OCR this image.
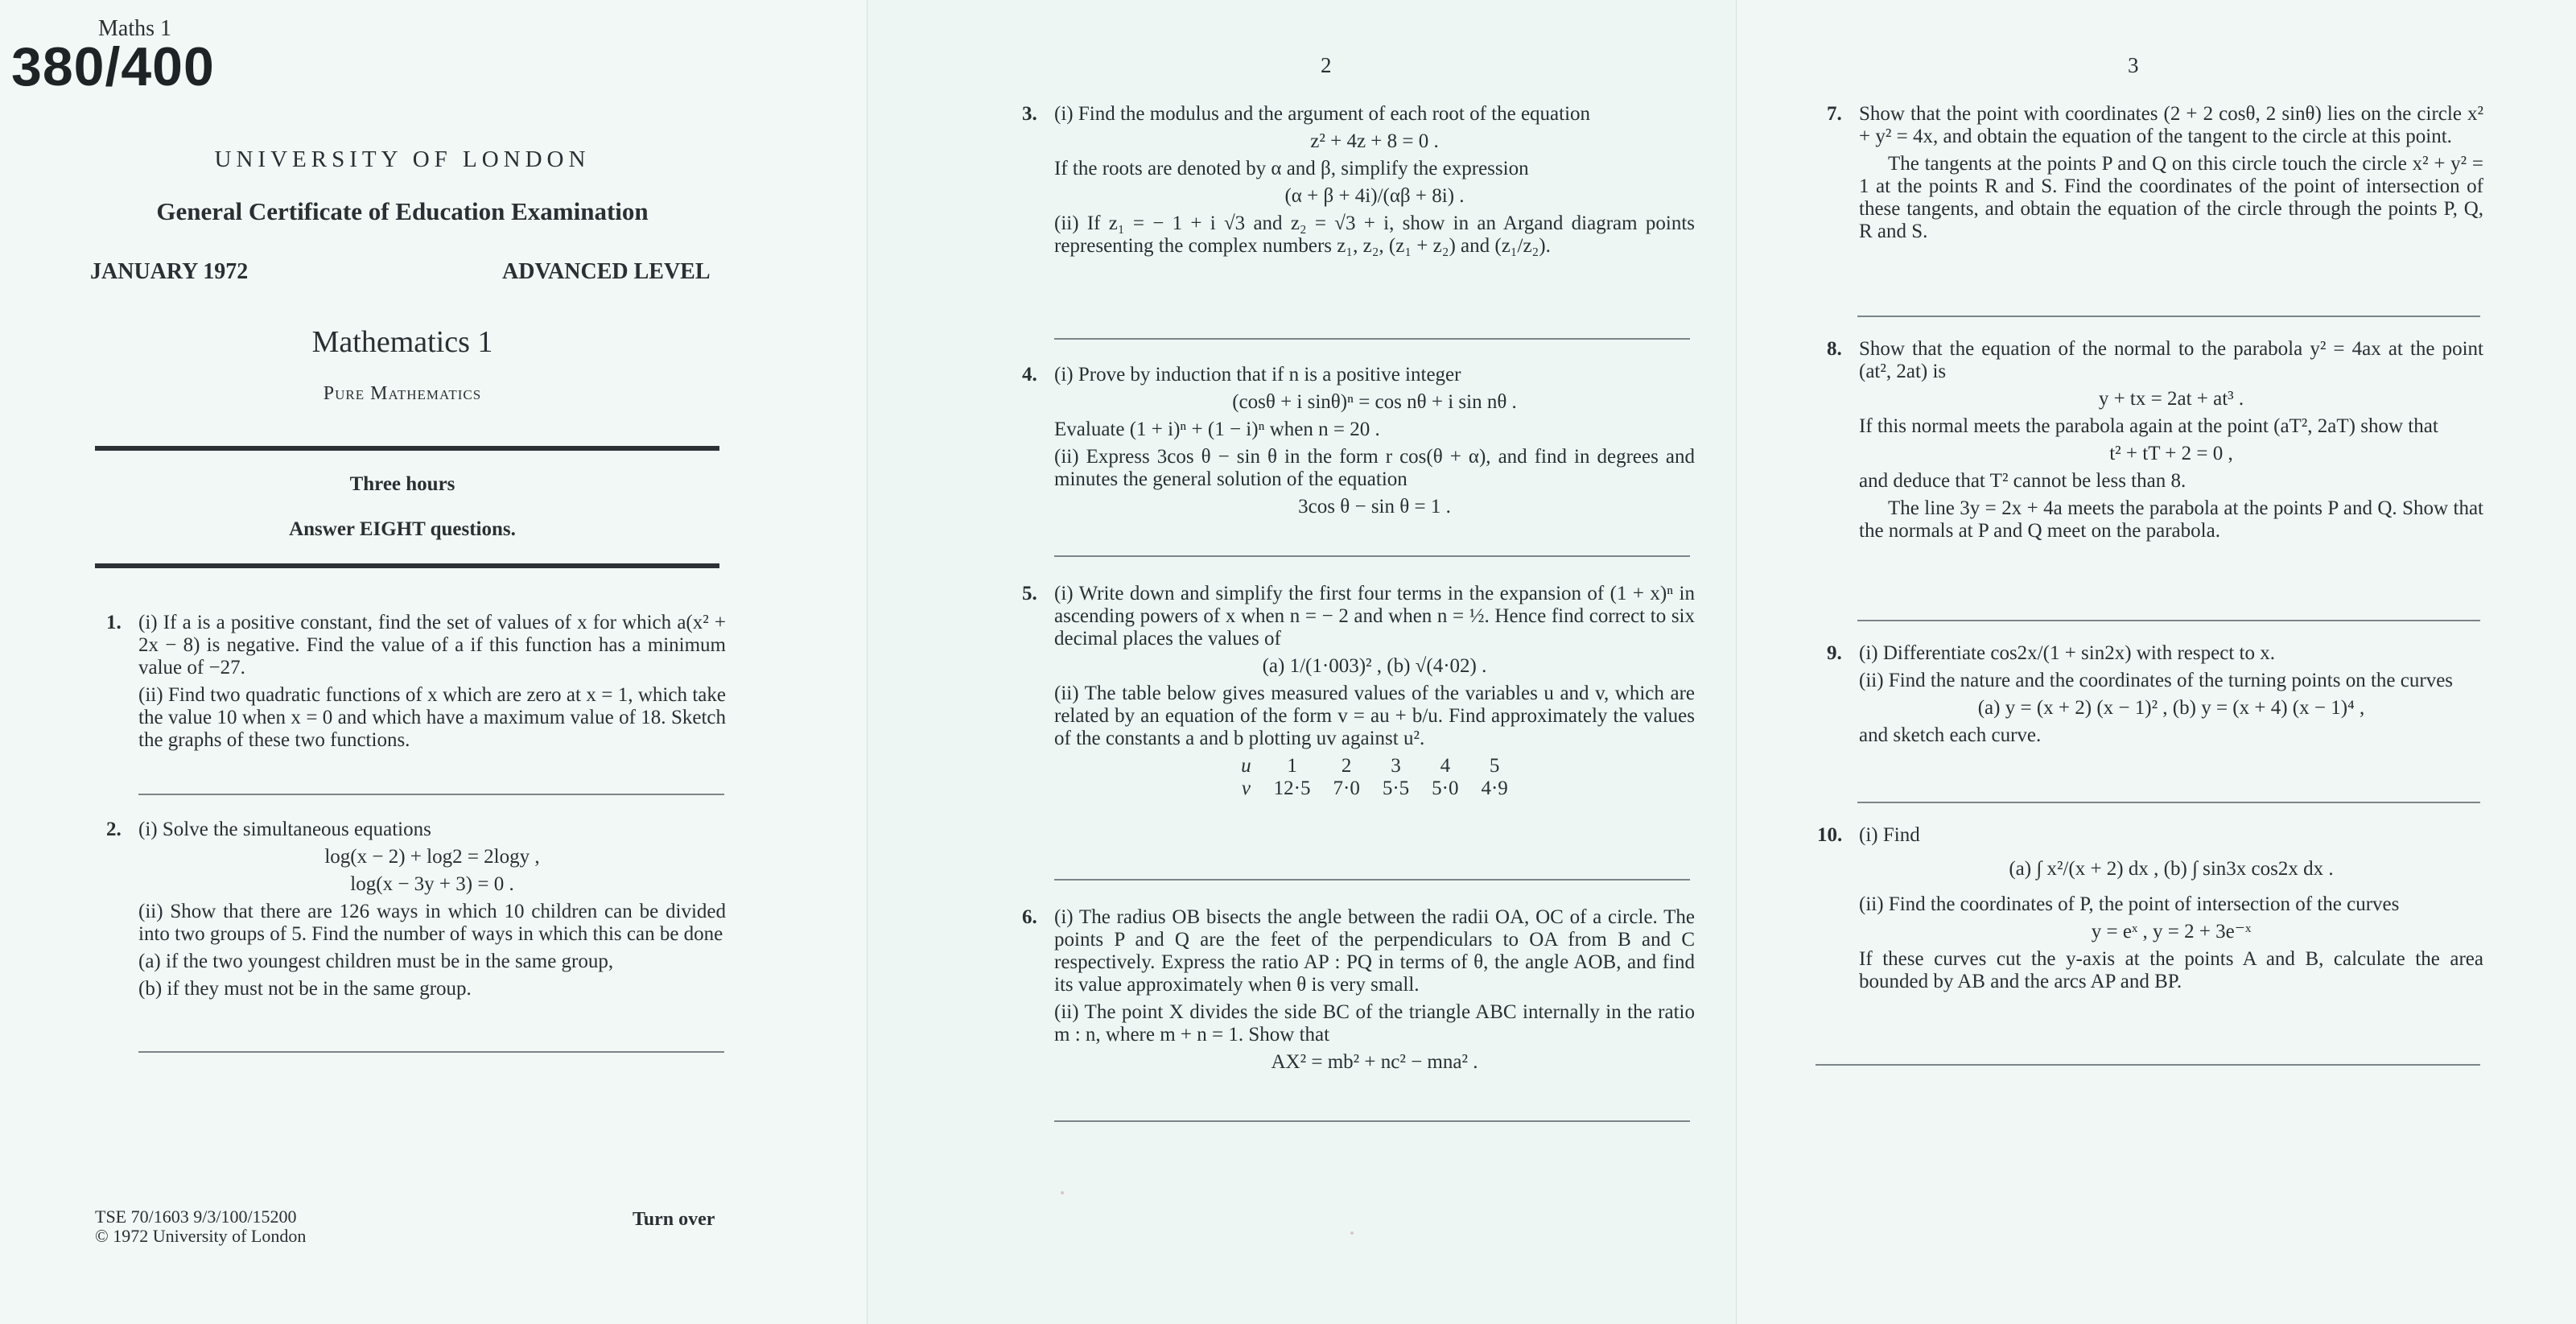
Maths 1
380/400
UNIVERSITY OF LONDON
General Certificate of Education Examination
JANUARY 1972	ADVANCED LEVEL
Mathematics 1
Pure Mathematics
Three hours
Answer EIGHT questions.
1. (i) If a is a positive constant, find the set of values of x for which a(x² + 2x − 8) is negative. Find the value of a if this function has a minimum value of −27.

(ii) Find two quadratic functions of x which are zero at x = 1, which take the value 10 when x = 0 and which have a maximum value of 18. Sketch the graphs of these two functions.

2. (i) Solve the simultaneous equations

log(x − 2) + log2 = 2logy ,
log(x − 3y + 3) = 0 .

(ii) Show that there are 126 ways in which 10 children can be divided into two groups of 5. Find the number of ways in which this can be done

(a) if the two youngest children must be in the same group,

(b) if they must not be in the same group.

TSE 70/1603 9/3/100/15200
© 1972 University of London
Turn over
2
3. (i) Find the modulus and the argument of each root of the equation

z² + 4z + 8 = 0 .

If the roots are denoted by α and β, simplify the expression

(α + β + 4i)/(αβ + 8i) .

(ii) If z₁ = − 1 + i √3 and z₂ = √3 + i, show in an Argand diagram points representing the complex numbers z₁, z₂, (z₁ + z₂) and (z₁/z₂).

4. (i) Prove by induction that if n is a positive integer

(cosθ + i sinθ)ⁿ = cos nθ + i sin nθ .

Evaluate (1 + i)ⁿ + (1 − i)ⁿ when n = 20 .

(ii) Express 3cos θ − sin θ in the form r cos(θ + α), and find in degrees and minutes the general solution of the equation

3cos θ − sin θ = 1 .
5. (i) Write down and simplify the first four terms in the expansion of (1 + x)ⁿ in ascending powers of x when n = − 2 and when n = ½. Hence find correct to six decimal places the values of

(a) 1/(1·003)² , (b) √(4·02) .

(ii) The table below gives measured values of the variables u and v, which are related by an equation of the form v = au + b/u. Find approximately the values of the constants a and b plotting uv against u².

u	1	2	3	4	5
v	12·5	7·0	5·5	5·0	4·9
6. (i) The radius OB bisects the angle between the radii OA, OC of a circle. The points P and Q are the feet of the perpendiculars to OA from B and C respectively. Express the ratio AP : PQ in terms of θ, the angle AOB, and find its value approximately when θ is very small.

(ii) The point X divides the side BC of the triangle ABC internally in the ratio m : n, where m + n = 1. Show that

AX² = mb² + nc² − mna² .
3
7. Show that the point with coordinates (2 + 2 cosθ, 2 sinθ) lies on the circle x² + y² = 4x, and obtain the equation of the tangent to the circle at this point.

The tangents at the points P and Q on this circle touch the circle x² + y² = 1 at the points R and S. Find the coordinates of the point of intersection of these tangents, and obtain the equation of the circle through the points P, Q, R and S.

8. Show that the equation of the normal to the parabola y² = 4ax at the point (at², 2at) is

y + tx = 2at + at³ .

If this normal meets the parabola again at the point (aT², 2aT) show that

t² + tT + 2 = 0 ,

and deduce that T² cannot be less than 8.

The line 3y = 2x + 4a meets the parabola at the points P and Q. Show that the normals at P and Q meet on the parabola.

9. (i) Differentiate cos2x/(1 + sin2x) with respect to x.

(ii) Find the nature and the coordinates of the turning points on the curves

(a) y = (x + 2) (x − 1)² , (b) y = (x + 4) (x − 1)⁴ ,

and sketch each curve.

10. (i) Find

(a) ∫ x²/(x + 2) dx , (b) ∫ sin3x cos2x dx .

(ii) Find the coordinates of P, the point of intersection of the curves

y = eˣ , y = 2 + 3e⁻ˣ

If these curves cut the y-axis at the points A and B, calculate the area bounded by AB and the arcs AP and BP.
